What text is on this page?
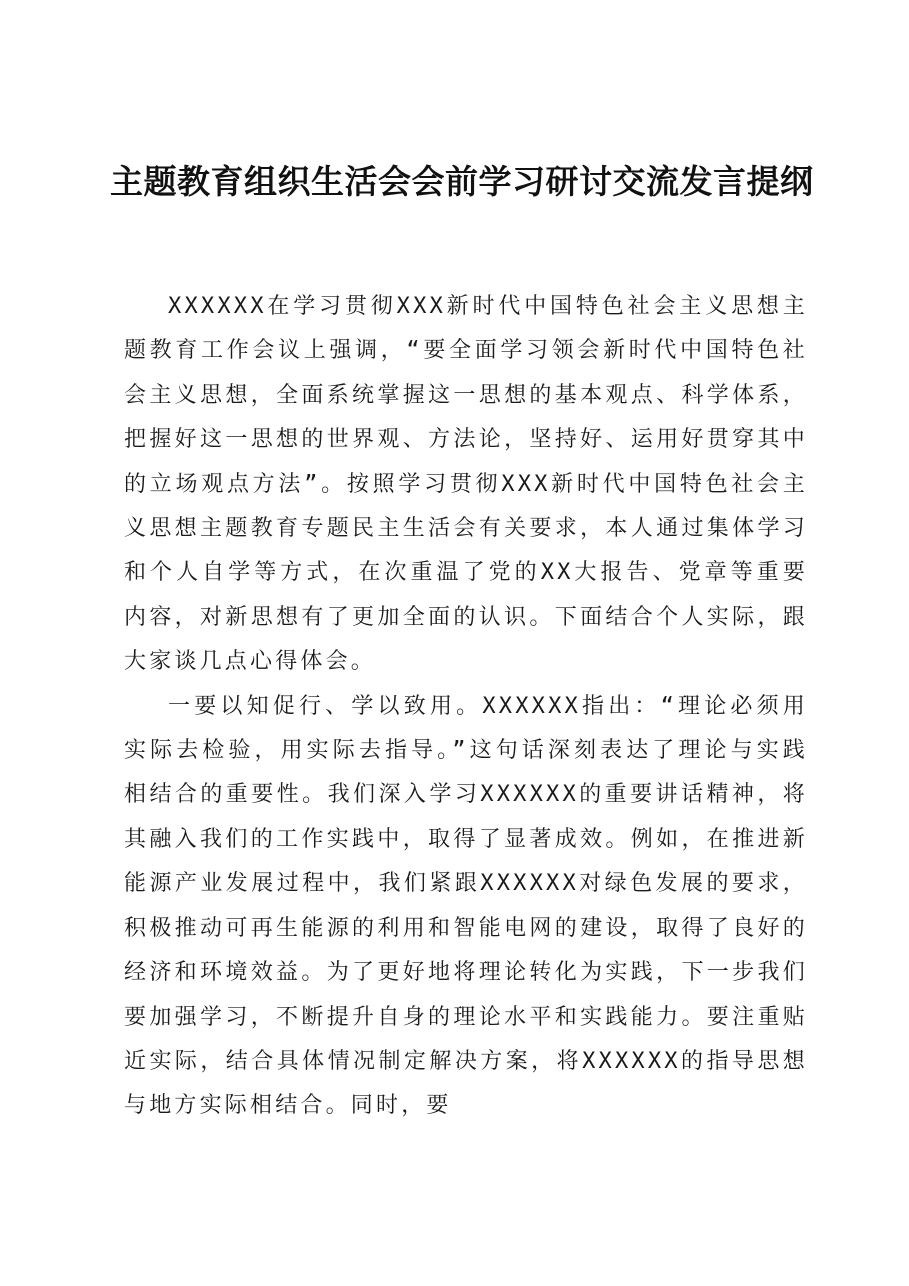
主题教育组织生活会会前学习研讨交流发言提纲

XXXXXX在学习贯彻XXX新时代中国特色社会主义思想主题教育工作会议上强调，“要全面学习领会新时代中国特色社会主义思想，全面系统掌握这一思想的基本观点、科学体系，把握好这一思想的世界观、方法论，坚持好、运用好贯穿其中的立场观点方法”。按照学习贯彻XXX新时代中国特色社会主义思想主题教育专题民主生活会有关要求，本人通过集体学习和个人自学等方式，在次重温了党的XX大报告、党章等重要内容，对新思想有了更加全面的认识。下面结合个人实际，跟大家谈几点心得体会。

一要以知促行、学以致用。XXXXXX指出：“理论必须用实际去检验，用实际去指导。”这句话深刻表达了理论与实践相结合的重要性。我们深入学习XXXXXX的重要讲话精神，将其融入我们的工作实践中，取得了显著成效。例如，在推进新能源产业发展过程中，我们紧跟XXXXXX对绿色发展的要求，积极推动可再生能源的利用和智能电网的建设，取得了良好的经济和环境效益。为了更好地将理论转化为实践，下一步我们要加强学习，不断提升自身的理论水平和实践能力。要注重贴近实际，结合具体情况制定解决方案，将XXXXXX的指导思想与地方实际相结合。同时，要
